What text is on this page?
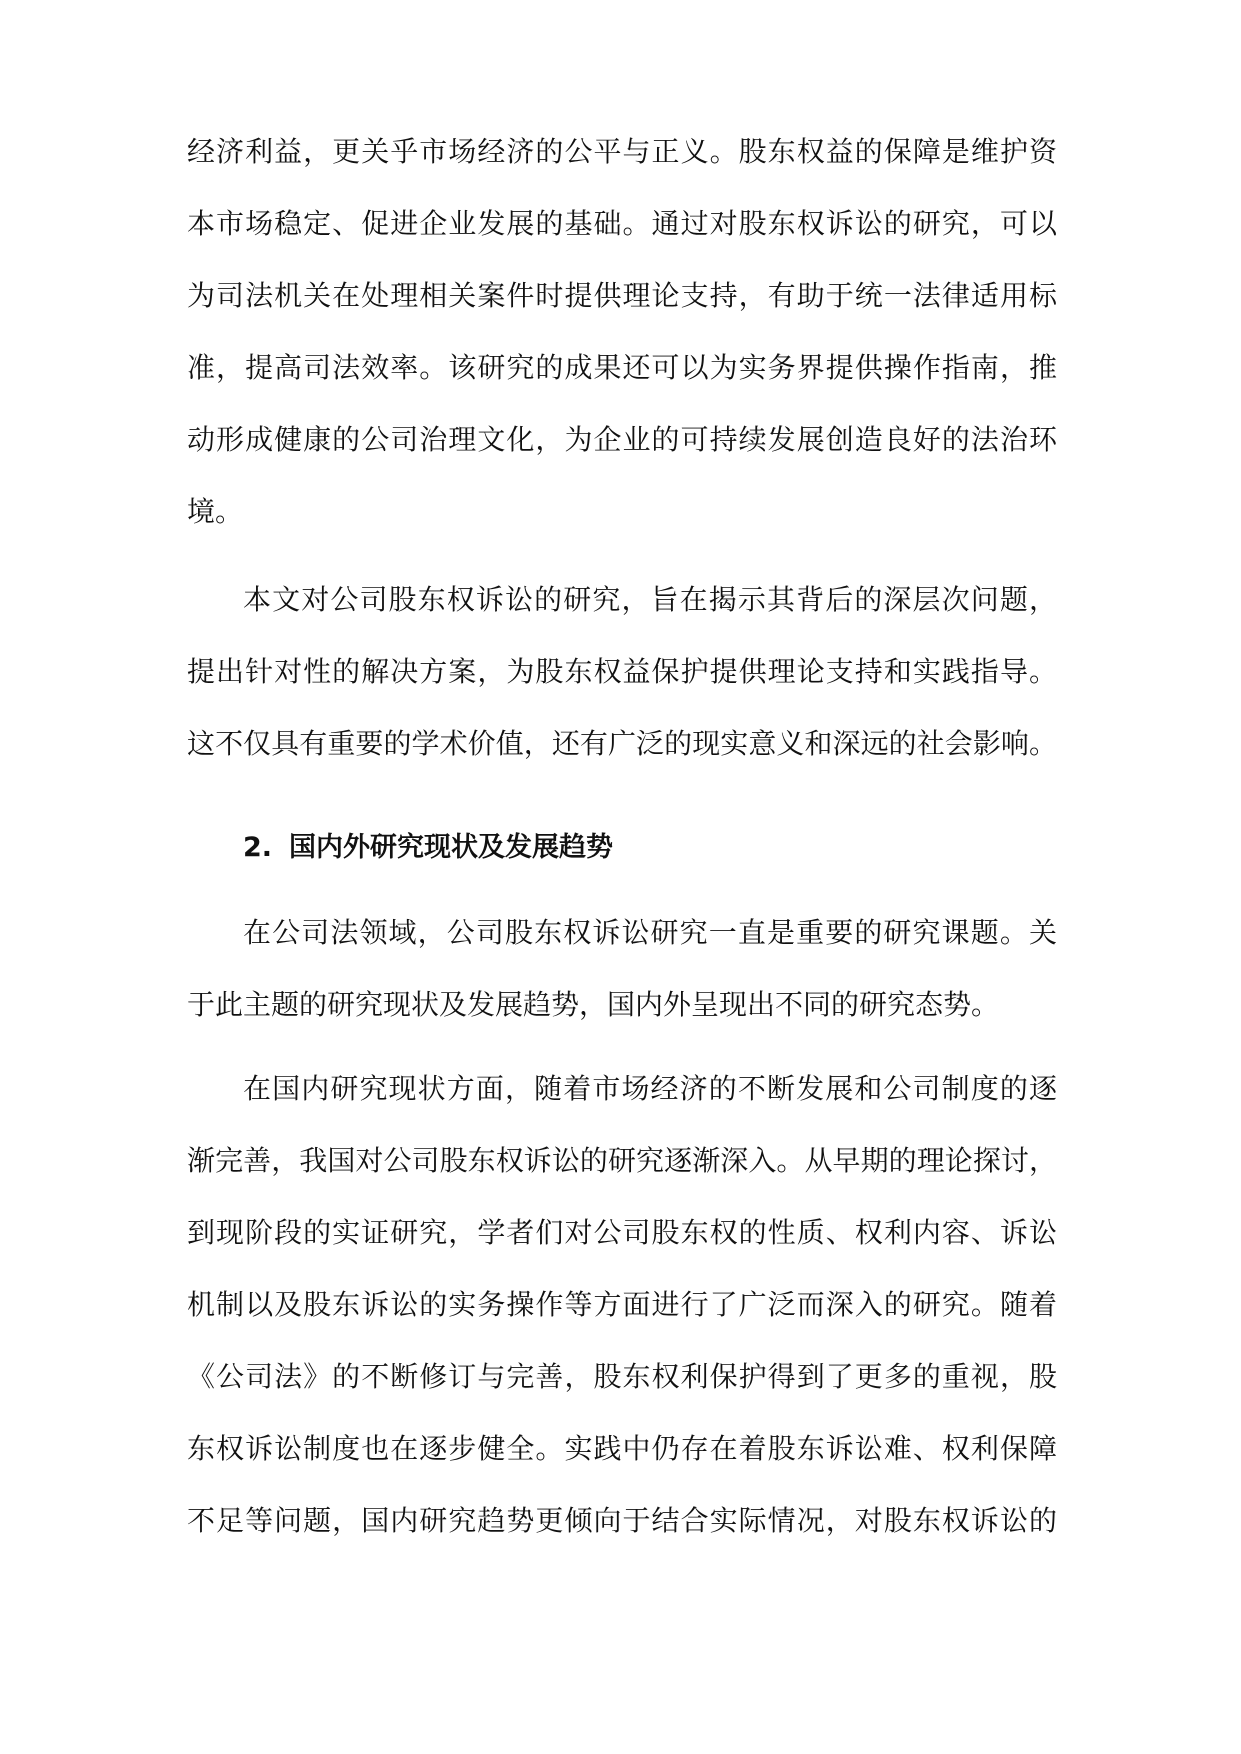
经济利益，更关乎市场经济的公平与正义。股东权益的保障是维护资
本市场稳定、促进企业发展的基础。通过对股东权诉讼的研究，可以
为司法机关在处理相关案件时提供理论支持，有助于统一法律适用标
准，提高司法效率。该研究的成果还可以为实务界提供操作指南，推
动形成健康的公司治理文化，为企业的可持续发展创造良好的法治环
境。
本文对公司股东权诉讼的研究，旨在揭示其背后的深层次问题，
提出针对性的解决方案，为股东权益保护提供理论支持和实践指导。
这不仅具有重要的学术价值，还有广泛的现实意义和深远的社会影响。
2. 国内外研究现状及发展趋势
在公司法领域，公司股东权诉讼研究一直是重要的研究课题。关
于此主题的研究现状及发展趋势，国内外呈现出不同的研究态势。
在国内研究现状方面，随着市场经济的不断发展和公司制度的逐
渐完善，我国对公司股东权诉讼的研究逐渐深入。从早期的理论探讨，
到现阶段的实证研究，学者们对公司股东权的性质、权利内容、诉讼
机制以及股东诉讼的实务操作等方面进行了广泛而深入的研究。随着
《公司法》的不断修订与完善，股东权利保护得到了更多的重视，股
东权诉讼制度也在逐步健全。实践中仍存在着股东诉讼难、权利保障
不足等问题，国内研究趋势更倾向于结合实际情况，对股东权诉讼的
